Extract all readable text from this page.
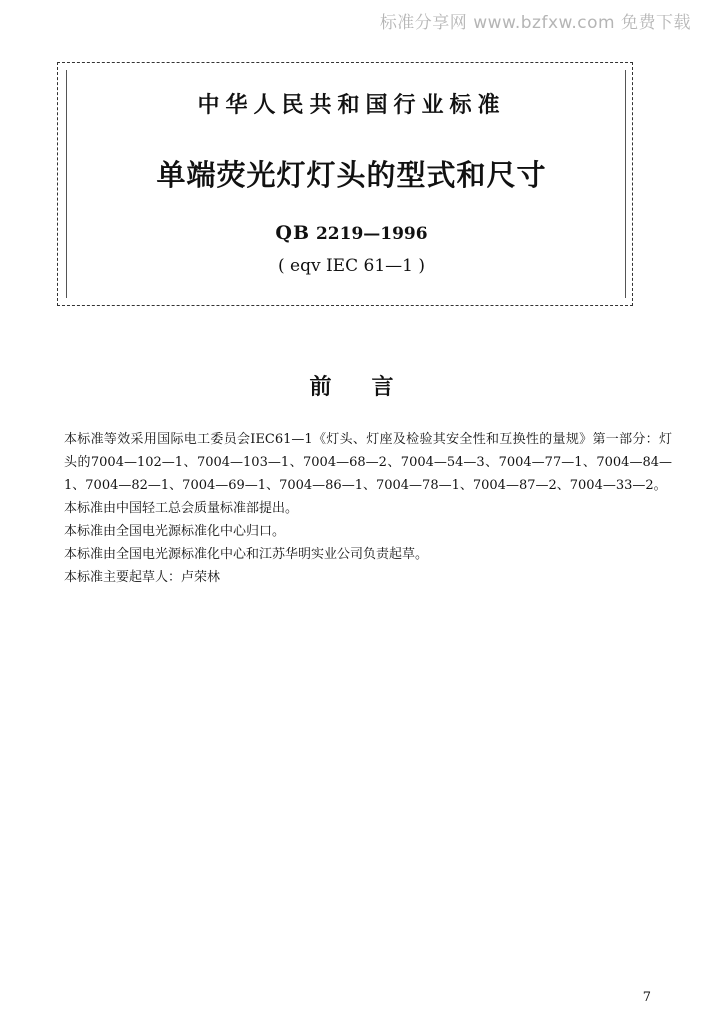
标准分享网 www.bzfxw.com 免费下载
中华人民共和国行业标准
单端荧光灯灯头的型式和尺寸
QB 2219—1996
( eqv IEC 61—1 )
前言

本标准等效采用国际电工委员会IEC61—1《灯头、灯座及检验其安全性和互换性的量规》第一部分：灯头的7004—102—1、7004—103—1、7004—68—2、7004—54—3、7004—77—1、7004—84—1、7004—82—1、7004—69—1、7004—86—1、7004—78—1、7004—87—2、7004—33—2。

本标准由中国轻工总会质量标准部提出。

本标准由全国电光源标准化中心归口。

本标准由全国电光源标准化中心和江苏华明实业公司负责起草。

本标准主要起草人：卢荣林

7
